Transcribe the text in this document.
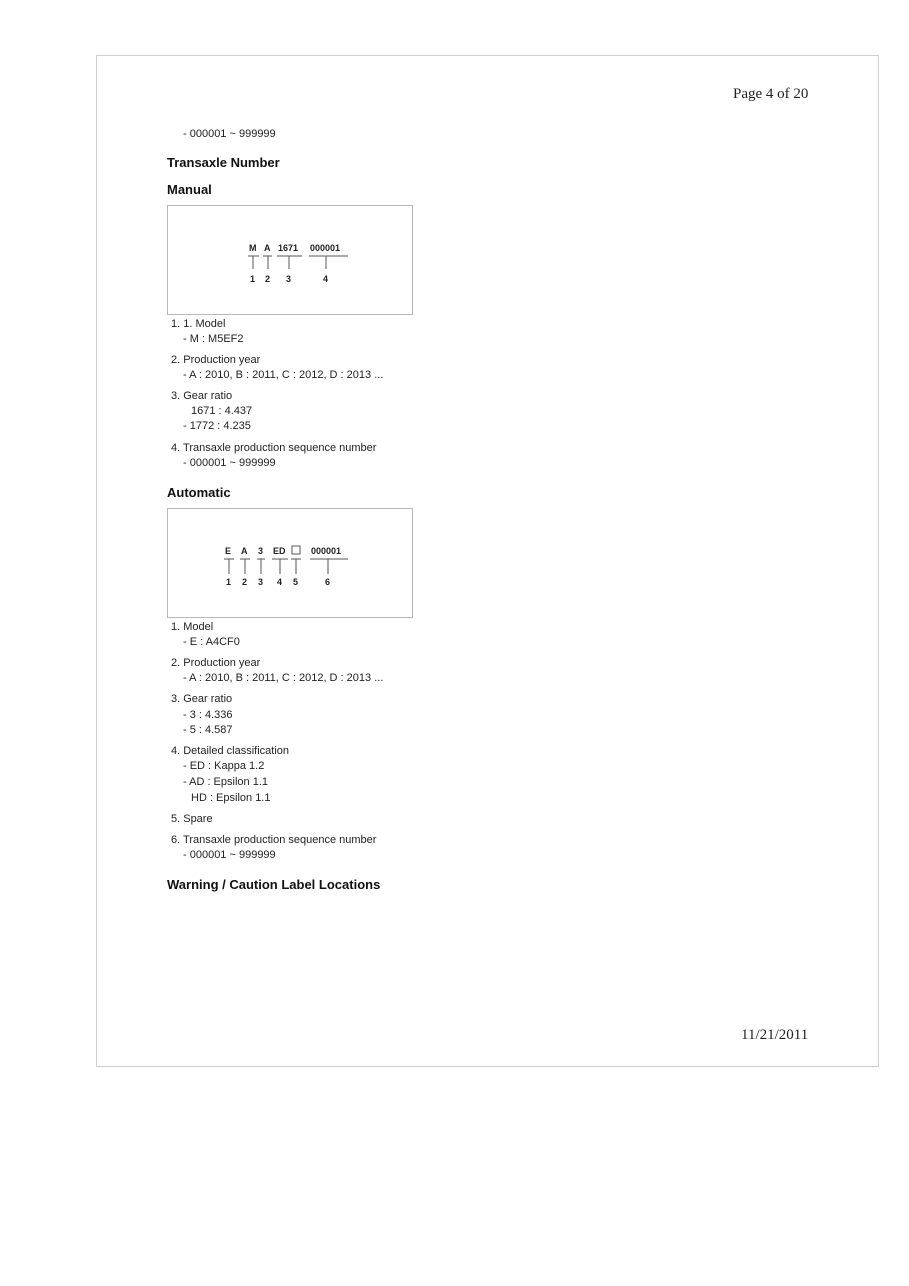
Page 4 of 20
- 000001 ~ 999999
Transaxle Number
Manual
M A 1671 000001
1 2 3	4
1. 1. Model
- M : M5EF2
2. Production year
- A : 2010, B : 2011, C : 2012, D : 2013 ...
3. Gear ratio
1671 : 4.437
- 1772 : 4.235
4. Transaxle production sequence number
- 000001 ~ 999999
Automatic
E A 3 ED	000001
1 2 3 4 5	6
1. Model
- E : A4CF0
2. Production year
- A : 2010, B : 2011, C : 2012, D : 2013 ...
3. Gear ratio
- 3 : 4.336
- 5 : 4.587
4. Detailed classification
- ED : Kappa 1.2
- AD : Epsilon 1.1
HD : Epsilon 1.1
5. Spare
6. Transaxle production sequence number
- 000001 ~ 999999
Warning / Caution Label Locations
11/21/2011
